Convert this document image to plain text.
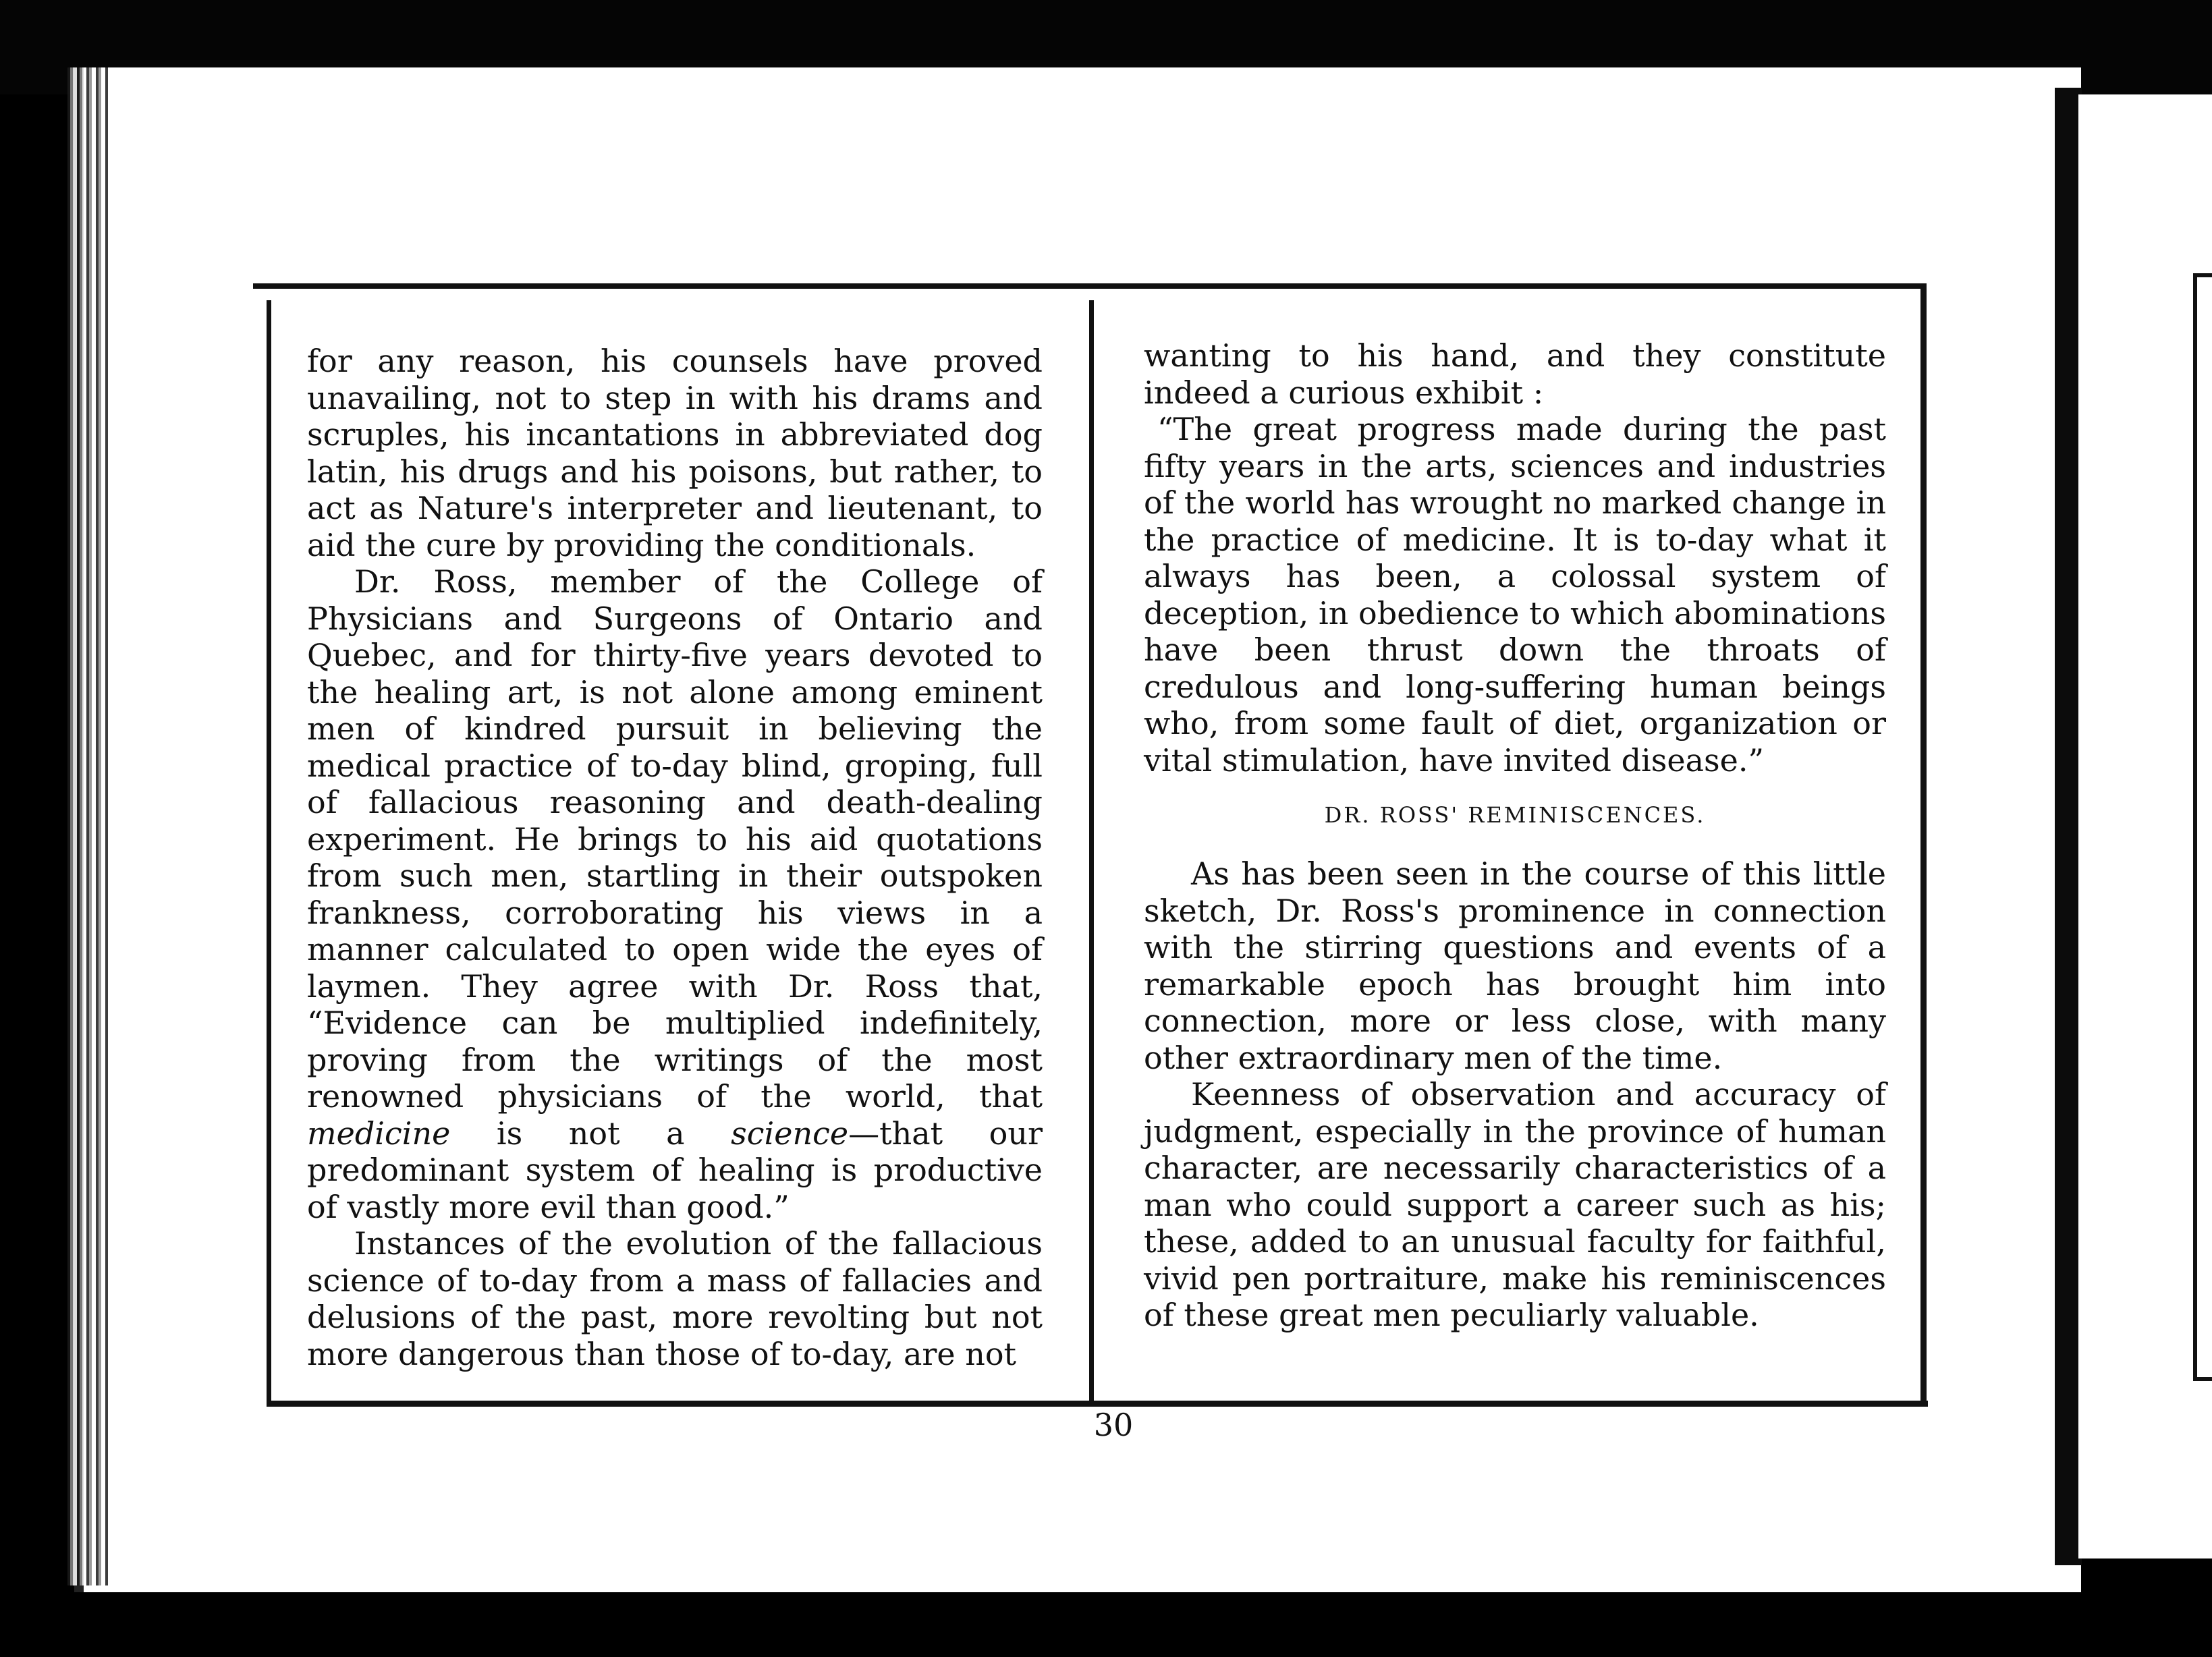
for any reason, his counsels have proved unavailing, not to step in with his drams and scruples, his incantations in abbreviated dog latin, his drugs and his poisons, but rather, to act as Nature's interpreter and lieutenant, to aid the cure by providing the conditionals.

Dr. Ross, member of the College of Physicians and Surgeons of Ontario and Quebec, and for thirty-five years devoted to the healing art, is not alone among eminent men of kindred pursuit in believing the medical practice of to-day blind, groping, full of fallacious reasoning and death-dealing experiment. He brings to his aid quotations from such men, startling in their outspoken frankness, corroborating his views in a manner calculated to open wide the eyes of laymen. They agree with Dr. Ross that, “Evidence can be multiplied indefinitely, proving from the writings of the most renowned physicians of the world, that medicine is not a science—that our predominant system of healing is productive of vastly more evil than good.”

Instances of the evolution of the fallacious science of to-day from a mass of fallacies and delusions of the past, more revolting but not more dangerous than those of to-day, are not

wanting to his hand, and they constitute indeed a curious exhibit :

“The great progress made during the past fifty years in the arts, sciences and industries of the world has wrought no marked change in the practice of medicine. It is to-day what it always has been, a colossal system of deception, in obedience to which abominations have been thrust down the throats of credulous and long-suffering human beings who, from some fault of diet, organization or vital stimulation, have invited disease.”

DR. ROSS' REMINISCENCES.

As has been seen in the course of this little sketch, Dr. Ross's prominence in connection with the stirring questions and events of a remarkable epoch has brought him into connection, more or less close, with many other extraordinary men of the time.

Keenness of observation and accuracy of judgment, especially in the province of human character, are necessarily characteristics of a man who could support a career such as his; these, added to an unusual faculty for faithful, vivid pen portraiture, make his reminiscences of these great men peculiarly valuable.

30
